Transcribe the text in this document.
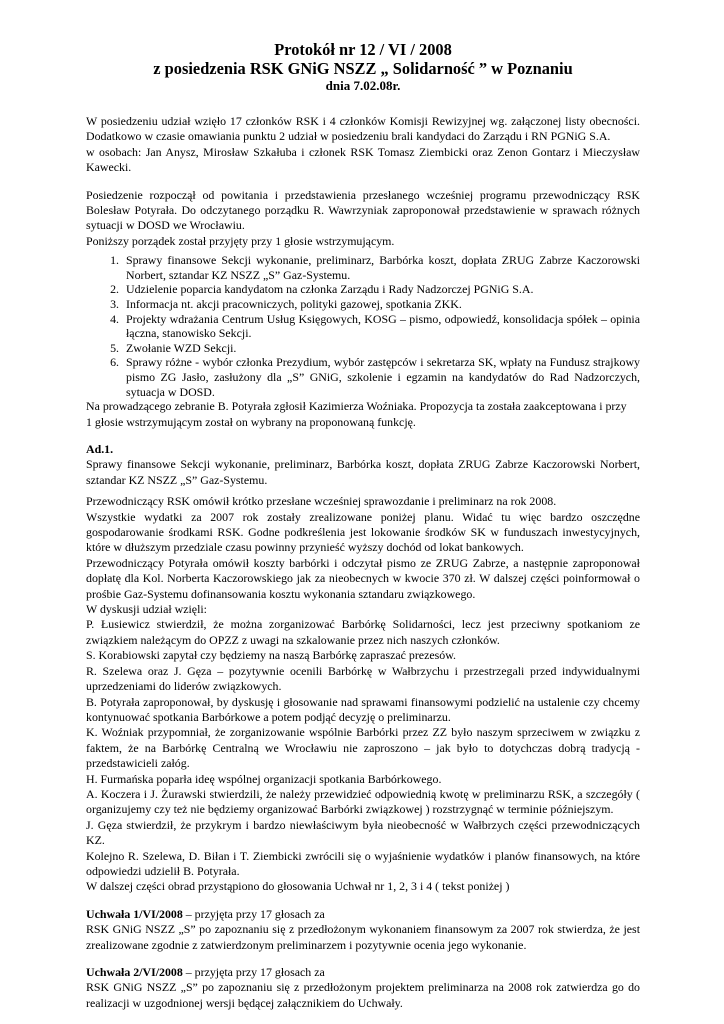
Protokół nr 12 / VI / 2008

z posiedzenia RSK GNiG NSZZ „ Solidarność ” w Poznaniu

dnia 7.02.08r.

W posiedzeniu udział wzięło 17 członków RSK i 4 członków Komisji Rewizyjnej wg. załączonej listy obecności. Dodatkowo w czasie omawiania punktu 2 udział w posiedzeniu brali kandydaci do Zarządu i RN PGNiG S.A.
w osobach: Jan Anysz, Mirosław Szkałuba i członek RSK Tomasz Ziembicki oraz Zenon Gontarz i Mieczysław Kawecki.

Posiedzenie rozpoczął od powitania i przedstawienia przesłanego wcześniej programu przewodniczący RSK Bolesław Potyrała. Do odczytanego porządku R. Wawrzyniak zaproponował przedstawienie w sprawach różnych sytuacji w DOSD we Wrocławiu.

Poniższy porządek został przyjęty przy 1 głosie wstrzymującym.

1. Sprawy finansowe Sekcji wykonanie, preliminarz, Barbórka koszt, dopłata ZRUG Zabrze Kaczorowski Norbert, sztandar KZ NSZZ „S” Gaz-Systemu.
2. Udzielenie poparcia kandydatom na członka Zarządu i Rady Nadzorczej PGNiG S.A.
3. Informacja nt. akcji pracowniczych, polityki gazowej, spotkania ZKK.
4. Projekty wdrażania Centrum Usług Księgowych, KOSG – pismo, odpowiedź, konsolidacja spółek – opinia łączna, stanowisko Sekcji.
5. Zwołanie WZD Sekcji.
6. Sprawy różne - wybór członka Prezydium, wybór zastępców i sekretarza SK, wpłaty na Fundusz strajkowy pismo ZG Jasło, zasłużony dla „S” GNiG, szkolenie i egzamin na kandydatów do Rad Nadzorczych, sytuacja w DOSD.

Na prowadzącego zebranie B. Potyrała zgłosił Kazimierza Woźniaka. Propozycja ta została zaakceptowana i przy
1 głosie wstrzymującym został on wybrany na proponowaną funkcję.

Ad.1.

Sprawy finansowe Sekcji wykonanie, preliminarz, Barbórka koszt, dopłata ZRUG Zabrze Kaczorowski Norbert, sztandar KZ NSZZ „S” Gaz-Systemu.

Przewodniczący RSK omówił krótko przesłane wcześniej sprawozdanie i preliminarz na rok 2008.

Wszystkie wydatki za 2007 rok zostały zrealizowane poniżej planu. Widać tu więc bardzo oszczędne gospodarowanie środkami RSK. Godne podkreślenia jest lokowanie środków SK w funduszach inwestycyjnych, które w dłuższym przedziale czasu powinny przynieść wyższy dochód od lokat bankowych.

Przewodniczący Potyrała omówił koszty barbórki i odczytał pismo ze ZRUG Zabrze, a następnie zaproponował dopłatę dla Kol. Norberta Kaczorowskiego jak za nieobecnych w kwocie 370 zł. W dalszej części poinformował o prośbie Gaz-Systemu dofinansowania kosztu wykonania sztandaru związkowego.

W dyskusji udział wzięli:

P. Łusiewicz stwierdził, że można zorganizować Barbórkę Solidarności, lecz jest przeciwny spotkaniom ze związkiem należącym do OPZZ z uwagi na szkalowanie przez nich naszych członków.

S. Korabiowski zapytał czy będziemy na naszą Barbórkę zapraszać prezesów.

R. Szelewa oraz J. Gęza – pozytywnie ocenili Barbórkę w Wałbrzychu i przestrzegali przed indywidualnymi uprzedzeniami do liderów związkowych.

B. Potyrała zaproponował, by dyskusję i głosowanie nad sprawami finansowymi podzielić na ustalenie czy chcemy kontynuować spotkania Barbórkowe a potem podjąć decyzję o preliminarzu.

K. Woźniak przypomniał, że zorganizowanie wspólnie Barbórki przez ZZ było naszym sprzeciwem w związku z faktem, że na Barbórkę Centralną we Wrocławiu nie zaproszono – jak było to dotychczas dobrą tradycją - przedstawicieli załóg.

H. Furmańska poparła ideę wspólnej organizacji spotkania Barbórkowego.

A. Koczera i J. Żurawski stwierdzili, że należy przewidzieć odpowiednią kwotę w preliminarzu RSK, a szczegóły ( organizujemy czy też nie będziemy organizować Barbórki związkowej ) rozstrzygnąć w terminie późniejszym.

J. Gęza stwierdził, że przykrym i bardzo niewłaściwym była nieobecność w Wałbrzych części przewodniczących KZ.

Kolejno R. Szelewa, D. Biłan i T. Ziembicki zwrócili się o wyjaśnienie wydatków i planów finansowych, na które odpowiedzi udzielił B. Potyrała.

W dalszej części obrad przystąpiono do głosowania Uchwał nr 1, 2, 3 i 4 ( tekst poniżej )

Uchwała 1/VI/2008 – przyjęta przy 17 głosach za

RSK GNiG NSZZ „S” po zapoznaniu się z przedłożonym wykonaniem finansowym za 2007 rok stwierdza, że jest zrealizowane zgodnie z zatwierdzonym preliminarzem i pozytywnie ocenia jego wykonanie.

Uchwała 2/VI/2008 – przyjęta przy 17 głosach za

RSK GNiG NSZZ „S” po zapoznaniu się z przedłożonym projektem preliminarza na 2008 rok zatwierdza go do realizacji w uzgodnionej wersji będącej załącznikiem do Uchwały.
